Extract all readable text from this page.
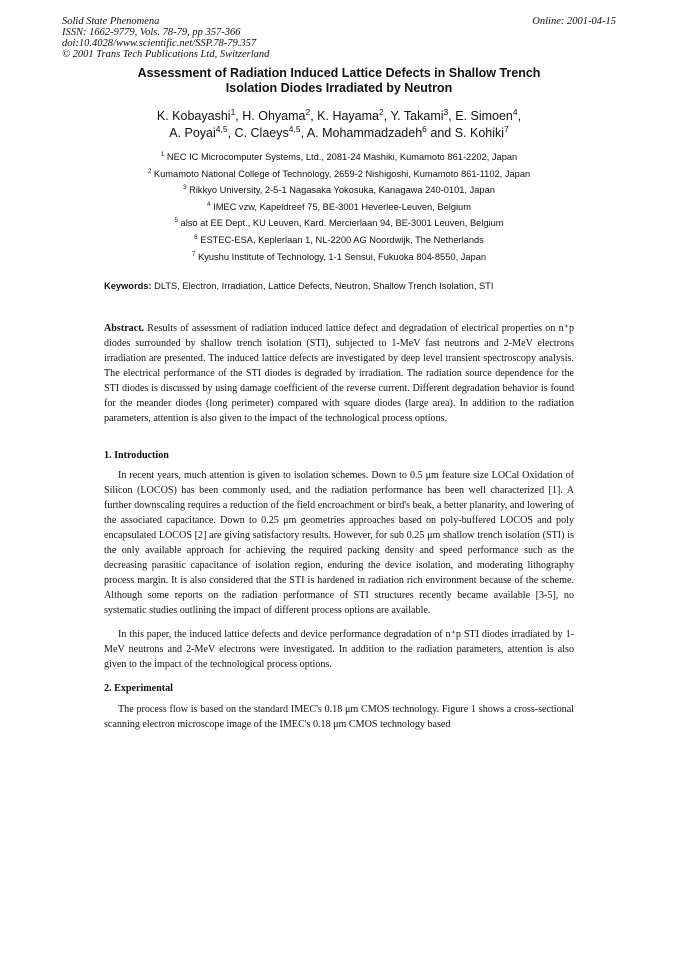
Solid State Phenomena
ISSN: 1662-9779, Vols. 78-79, pp 357-366
doi:10.4028/www.scientific.net/SSP.78-79.357
© 2001 Trans Tech Publications Ltd, Switzerland
Online: 2001-04-15
Assessment of Radiation Induced Lattice Defects in Shallow Trench
Isolation Diodes Irradiated by Neutron
K. Kobayashi$^1$, H. Ohyama$^2$, K. Hayama$^2$, Y. Takami$^3$, E. Simoen$^4$,
A. Poyai$^{4,5}$, C. Claeys$^{4,5}$, A. Mohammadzadeh$^6$ and S. Kohiki$^7$
$^1$ NEC IC Microcomputer Systems, Ltd., 2081-24 Mashiki, Kumamoto 861-2202, Japan
$^2$ Kumamoto National College of Technology, 2659-2 Nishigoshi, Kumamoto 861-1102, Japan
$^3$ Rikkyo University, 2-5-1 Nagasaka Yokosuka, Kanagawa 240-0101, Japan
$^4$ IMEC vzw, Kapeldreef 75, BE-3001 Heverlee-Leuven, Belgium
$^5$ also at EE Dept., KU Leuven, Kard. Mercierlaan 94, BE-3001 Leuven, Belgium
$^6$ ESTEC-ESA, Keplerlaan 1, NL-2200 AG Noordwijk, The Netherlands
$^7$ Kyushu Institute of Technology, 1-1 Sensui, Fukuoka 804-8550, Japan
Keywords: DLTS, Electron, Irradiation, Lattice Defects, Neutron, Shallow Trench Isolation, STI
Abstract. Results of assessment of radiation induced lattice defect and degradation of electrical properties on n⁺p diodes surrounded by shallow trench isolation (STI), subjected to 1-MeV fast neutrons and 2-MeV electrons irradiation are presented. The induced lattice defects are investigated by deep level transient spectroscopy analysis. The electrical performance of the STI diodes is degraded by irradiation. The radiation source dependence for the STI diodes is discussed by using damage coefficient of the reverse current. Different degradation behavior is found for the meander diodes (long perimeter) compared with square diodes (large area). In addition to the radiation parameters, attention is also given to the impact of the technological process options.
1. Introduction
In recent years, much attention is given to isolation schemes. Down to 0.5 μm feature size LOCal Oxidation of Silicon (LOCOS) has been commonly used, and the radiation performance has been well characterized [1]. A further downscaling requires a reduction of the field encroachment or bird's beak, a better planarity, and lowering of the associated capacitance. Down to 0.25 μm geometries approaches based on poly-buffered LOCOS and poly encapsulated LOCOS [2] are giving satisfactory results. However, for sub 0.25 μm shallow trench isolation (STI) is the only available approach for achieving the required packing density and speed performance such as the decreasing parasitic capacitance of isolation region, enduring the device isolation, and moderating lithography process margin. It is also considered that the STI is hardened in radiation rich environment because of the scheme. Although some reports on the radiation performance of STI structures recently became available [3-5], no systematic studies outlining the impact of different process options are available.
In this paper, the induced lattice defects and device performance degradation of n⁺p STI diodes irradiated by 1-MeV neutrons and 2-MeV electrons were investigated. In addition to the radiation parameters, attention is also given to the impact of the technological process options.
2. Experimental
The process flow is based on the standard IMEC's 0.18 μm CMOS technology. Figure 1 shows a cross-sectional scanning electron microscope image of the IMEC's 0.18 μm CMOS technology based
